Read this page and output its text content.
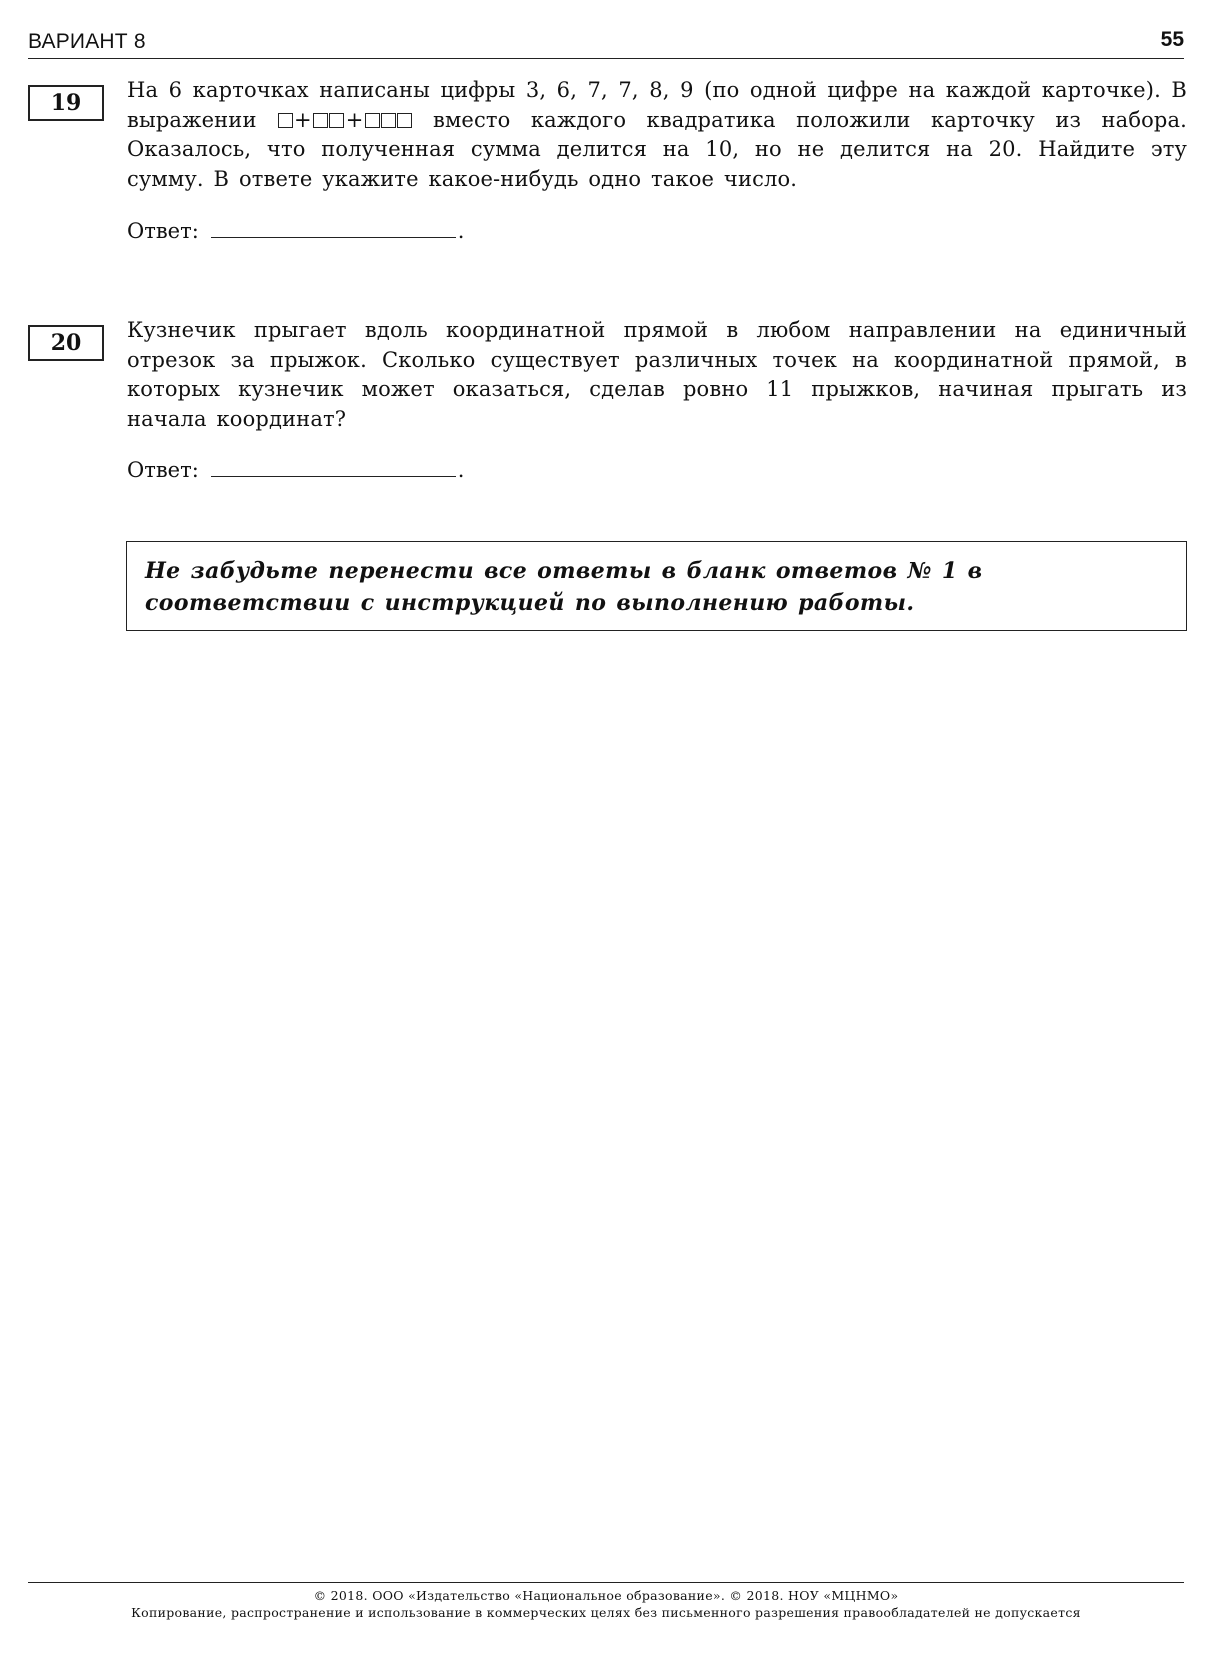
ВАРИАНТ 8	55
19	На 6 карточках написаны цифры 3, 6, 7, 7, 8, 9 (по одной цифре на каждой карточке). В выражении + +	вместо каждого квадратика положили карточку из набора. Оказалось, что полученная сумма делится на 10, но не делится на 20. Найдите эту сумму. В ответе укажите какое-нибудь одно такое число.
Ответ:	.
20	Кузнечик прыгает вдоль координатной прямой в любом направлении на единичный отрезок за прыжок. Сколько существует различных точек на координатной прямой, в которых кузнечик может оказаться, сделав ровно 11 прыжков, начиная прыгать из начала координат?
Ответ:	.
Не забудьте перенести все ответы в бланк ответов № 1 в соответствии с инструкцией по выполнению работы.
© 2018. ООО «Издательство «Национальное образование». © 2018. НОУ «МЦНМО»
Копирование, распространение и использование в коммерческих целях без письменного разрешения правообладателей не допускается
